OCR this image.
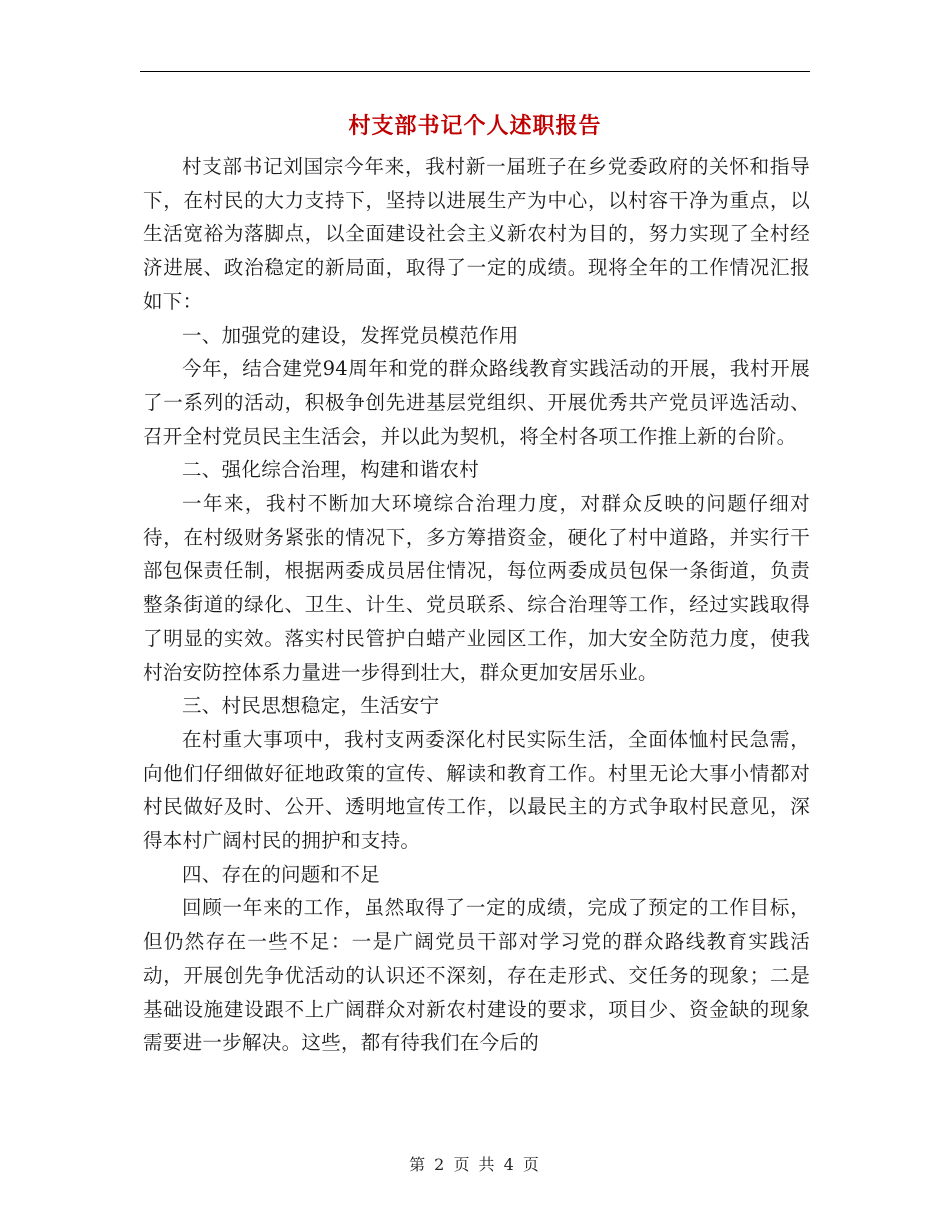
村支部书记个人述职报告

村支部书记刘国宗今年来，我村新一届班子在乡党委政府的关怀和指导下，在村民的大力支持下，坚持以进展生产为中心，以村容干净为重点，以生活宽裕为落脚点，以全面建设社会主义新农村为目的，努力实现了全村经济进展、政治稳定的新局面，取得了一定的成绩。现将全年的工作情况汇报如下：

一、加强党的建设，发挥党员模范作用

今年，结合建党94周年和党的群众路线教育实践活动的开展，我村开展了一系列的活动，积极争创先进基层党组织、开展优秀共产党员评选活动、召开全村党员民主生活会，并以此为契机，将全村各项工作推上新的台阶。

二、强化综合治理，构建和谐农村

一年来，我村不断加大环境综合治理力度，对群众反映的问题仔细对待，在村级财务紧张的情况下，多方筹措资金，硬化了村中道路，并实行干部包保责任制，根据两委成员居住情况，每位两委成员包保一条街道，负责整条街道的绿化、卫生、计生、党员联系、综合治理等工作，经过实践取得了明显的实效。落实村民管护白蜡产业园区工作，加大安全防范力度，使我村治安防控体系力量进一步得到壮大，群众更加安居乐业。

三、村民思想稳定，生活安宁

在村重大事项中，我村支两委深化村民实际生活，全面体恤村民急需，向他们仔细做好征地政策的宣传、解读和教育工作。村里无论大事小情都对村民做好及时、公开、透明地宣传工作，以最民主的方式争取村民意见，深得本村广阔村民的拥护和支持。

四、存在的问题和不足

回顾一年来的工作，虽然取得了一定的成绩，完成了预定的工作目标，但仍然存在一些不足：一是广阔党员干部对学习党的群众路线教育实践活动，开展创先争优活动的认识还不深刻，存在走形式、交任务的现象；二是基础设施建设跟不上广阔群众对新农村建设的要求，项目少、资金缺的现象需要进一步解决。这些，都有待我们在今后的

第 2 页 共 4 页
